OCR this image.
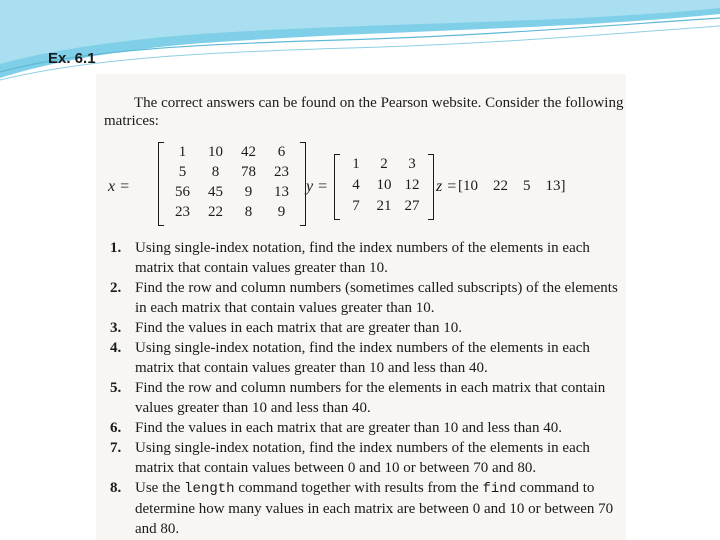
Ex. 6.1
The correct answers can be found on the Pearson website. Consider the following matrices:
x =
1	10	42	6
5	8	78	23
56	45	9	13
23	22	8	9
y =
1	2	3
4	10 12
7	21 27
z = [10    22    5    13]
1. Using single-index notation, find the index numbers of the elements in each matrix that contain values greater than 10.
2. Find the row and column numbers (sometimes called subscripts) of the elements in each matrix that contain values greater than 10.
3. Find the values in each matrix that are greater than 10.
4. Using single-index notation, find the index numbers of the elements in each matrix that contain values greater than 10 and less than 40.
5. Find the row and column numbers for the elements in each matrix that contain values greater than 10 and less than 40.
6. Find the values in each matrix that are greater than 10 and less than 40.
7. Using single-index notation, find the index numbers of the elements in each matrix that contain values between 0 and 10 or between 70 and 80.
8. Use the length command together with results from the find command to determine how many values in each matrix are between 0 and 10 or between 70 and 80.
